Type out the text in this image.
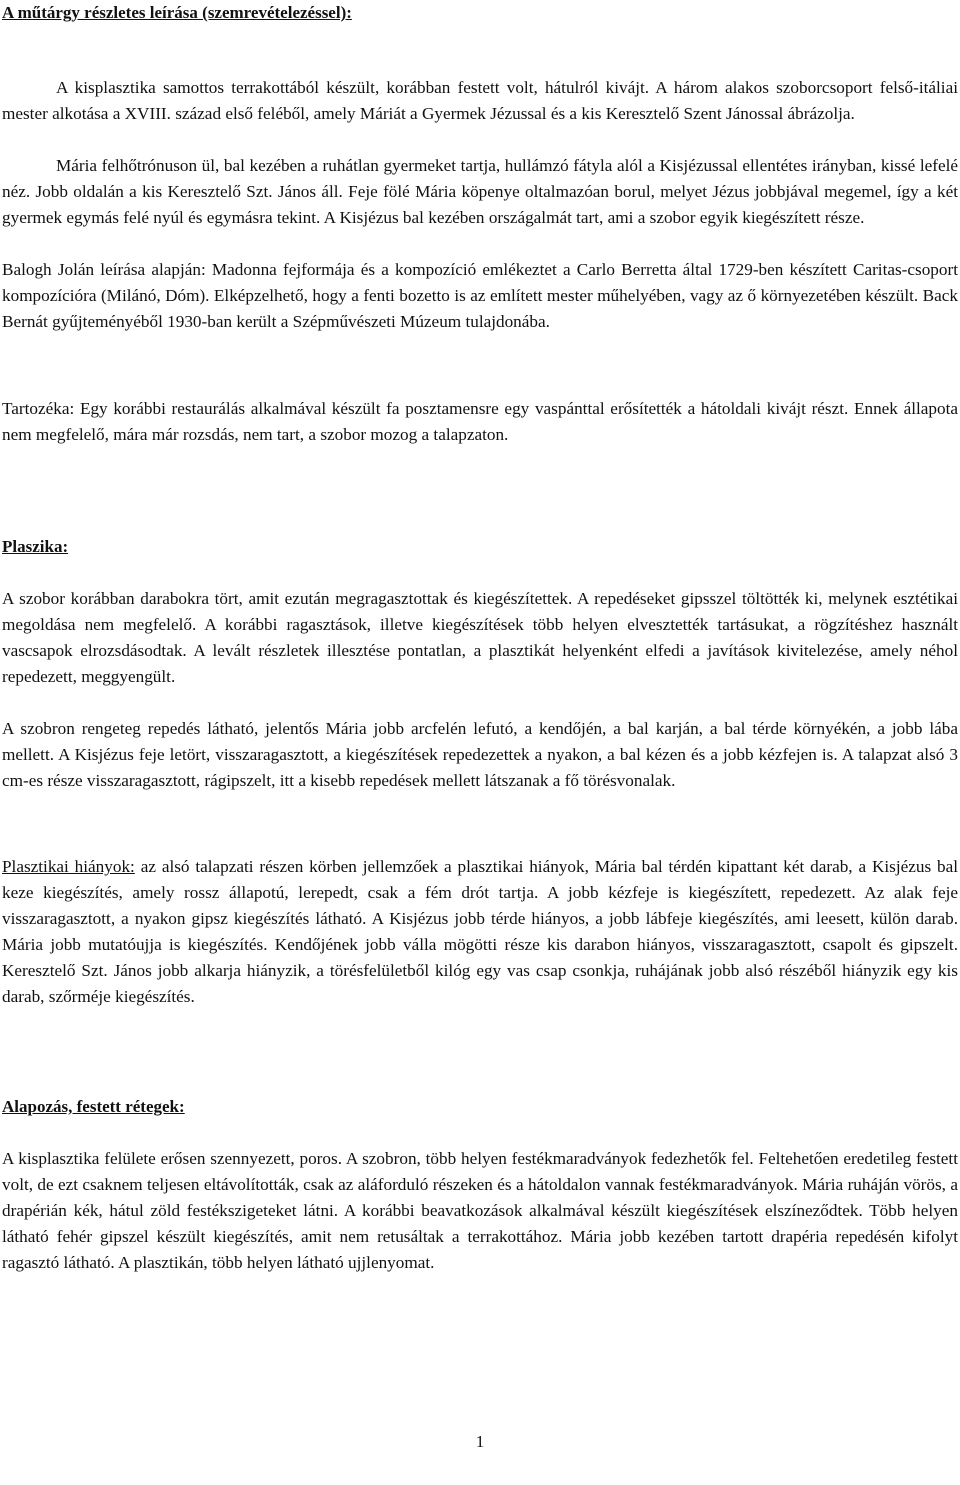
A műtárgy részletes leírása (szemrevételezéssel):

A kisplasztika samottos terrakottából készült, korábban festett volt, hátulról kivájt. A három alakos szoborcsoport felső-itáliai mester alkotása a XVIII. század első feléből, amely Máriát a Gyermek Jézussal és a kis Keresztelő Szent Jánossal ábrázolja.

Mária felhőtrónuson ül, bal kezében a ruhátlan gyermeket tartja, hullámzó fátyla alól a Kisjézussal ellentétes irányban, kissé lefelé néz. Jobb oldalán a kis Keresztelő Szt. János áll. Feje fölé Mária köpenye oltalmazóan borul, melyet Jézus jobbjával megemel, így a két gyermek egymás felé nyúl és egymásra tekint. A Kisjézus bal kezében országalmát tart, ami a szobor egyik kiegészített része.

Balogh Jolán leírása alapján: Madonna fejformája és a kompozíció emlékeztet a Carlo Berretta által 1729-ben készített Caritas-csoport kompozícióra (Milánó, Dóm). Elképzelhető, hogy a fenti bozetto is az említett mester műhelyében, vagy az ő környezetében készült. Back Bernát gyűjteményéből 1930-ban került a Szépművészeti Múzeum tulajdonába.

Tartozéka: Egy korábbi restaurálás alkalmával készült fa posztamensre egy vaspánttal erősítették a hátoldali kivájt részt. Ennek állapota nem megfelelő, mára már rozsdás, nem tart, a szobor mozog a talapzaton.

Plaszika:

A szobor korábban darabokra tört, amit ezután megragasztottak és kiegészítettek. A repedéseket gipsszel töltötték ki, melynek esztétikai megoldása nem megfelelő. A korábbi ragasztások, illetve kiegészítések több helyen elvesztették tartásukat, a rögzítéshez használt vascsapok elrozsdásodtak. A levált részletek illesztése pontatlan, a plasztikát helyenként elfedi a javítások kivitelezése, amely néhol repedezett, meggyengült.

A szobron rengeteg repedés látható, jelentős Mária jobb arcfelén lefutó, a kendőjén, a bal karján, a bal térde környékén, a jobb lába mellett. A Kisjézus feje letört, visszaragasztott, a kiegészítések repedezettek a nyakon, a bal kézen és a jobb kézfejen is. A talapzat alsó 3 cm-es része visszaragasztott, rágipszelt, itt a kisebb repedések mellett látszanak a fő törésvonalak.

Plasztikai hiányok: az alsó talapzati részen körben jellemzőek a plasztikai hiányok, Mária bal térdén kipattant két darab, a Kisjézus bal keze kiegészítés, amely rossz állapotú, lerepedt, csak a fém drót tartja. A jobb kézfeje is kiegészített, repedezett. Az alak feje visszaragasztott, a nyakon gipsz kiegészítés látható. A Kisjézus jobb térde hiányos, a jobb lábfeje kiegészítés, ami leesett, külön darab. Mária jobb mutatóujja is kiegészítés. Kendőjének jobb válla mögötti része kis darabon hiányos, visszaragasztott, csapolt és gipszelt. Keresztelő Szt. János jobb alkarja hiányzik, a törésfelületből kilóg egy vas csap csonkja, ruhájának jobb alsó részéből hiányzik egy kis darab, szőrméje kiegészítés.

Alapozás, festett rétegek:

A kisplasztika felülete erősen szennyezett, poros. A szobron, több helyen festékmaradványok fedezhetők fel. Feltehetően eredetileg festett volt, de ezt csaknem teljesen eltávolították, csak az aláforduló részeken és a hátoldalon vannak festékmaradványok. Mária ruháján vörös, a drapérián kék, hátul zöld festékszigeteket látni. A korábbi beavatkozások alkalmával készült kiegészítések elszíneződtek. Több helyen látható fehér gipszel készült kiegészítés, amit nem retusáltak a terrakottához. Mária jobb kezében tartott drapéria repedésén kifolyt ragasztó látható. A plasztikán, több helyen látható ujjlenyomat.

1
